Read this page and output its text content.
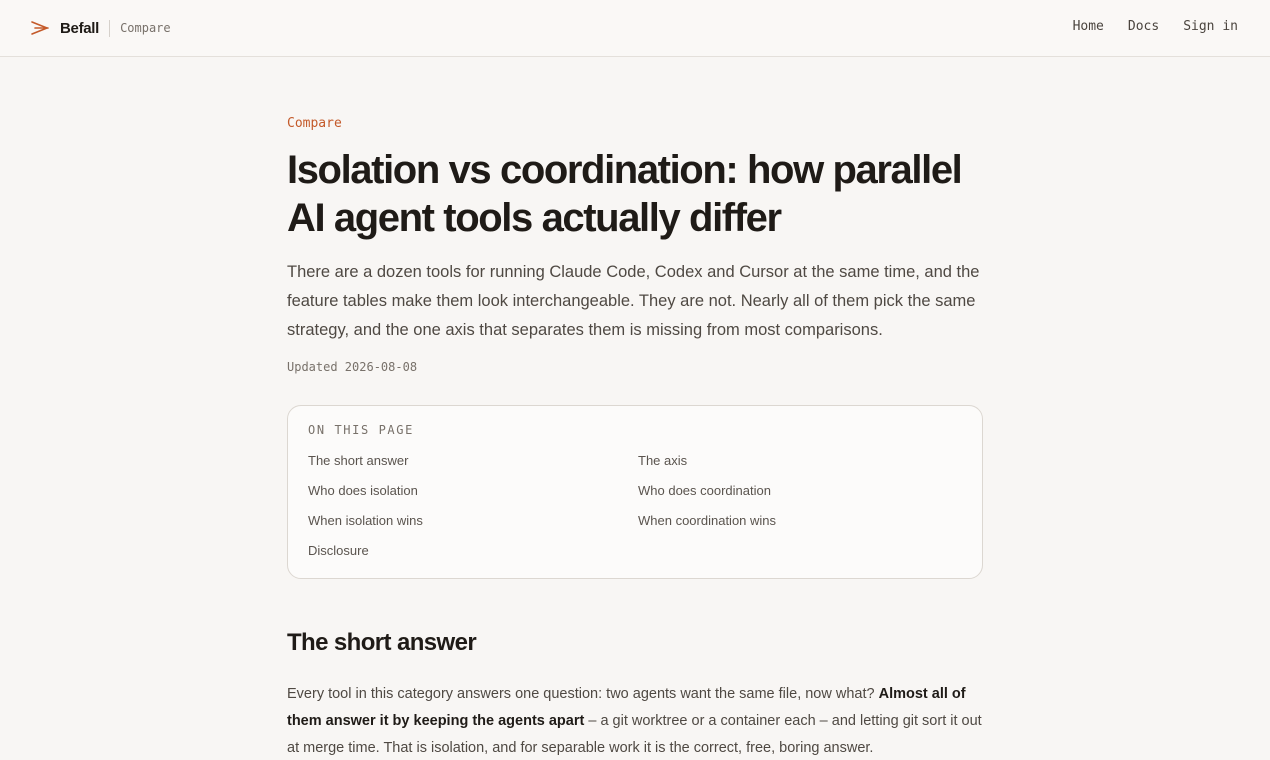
Befall Compare	Home Docs Sign in
Compare
Isolation vs coordination: how parallel AI agent tools actually differ

There are a dozen tools for running Claude Code, Codex and Cursor at the same time, and the feature tables make them look interchangeable. They are not. Nearly all of them pick the same strategy, and the one axis that separates them is missing from most comparisons.

Updated 2026-08-08
ON THIS PAGE
The short answer	The axis
Who does isolation	Who does coordination
When isolation wins	When coordination wins
Disclosure
The short answer

Every tool in this category answers one question: two agents want the same file, now what? Almost all of them answer it by keeping the agents apart – a git worktree or a container each – and letting git sort it out at merge time. That is isolation, and for separable work it is the correct, free, boring answer.
